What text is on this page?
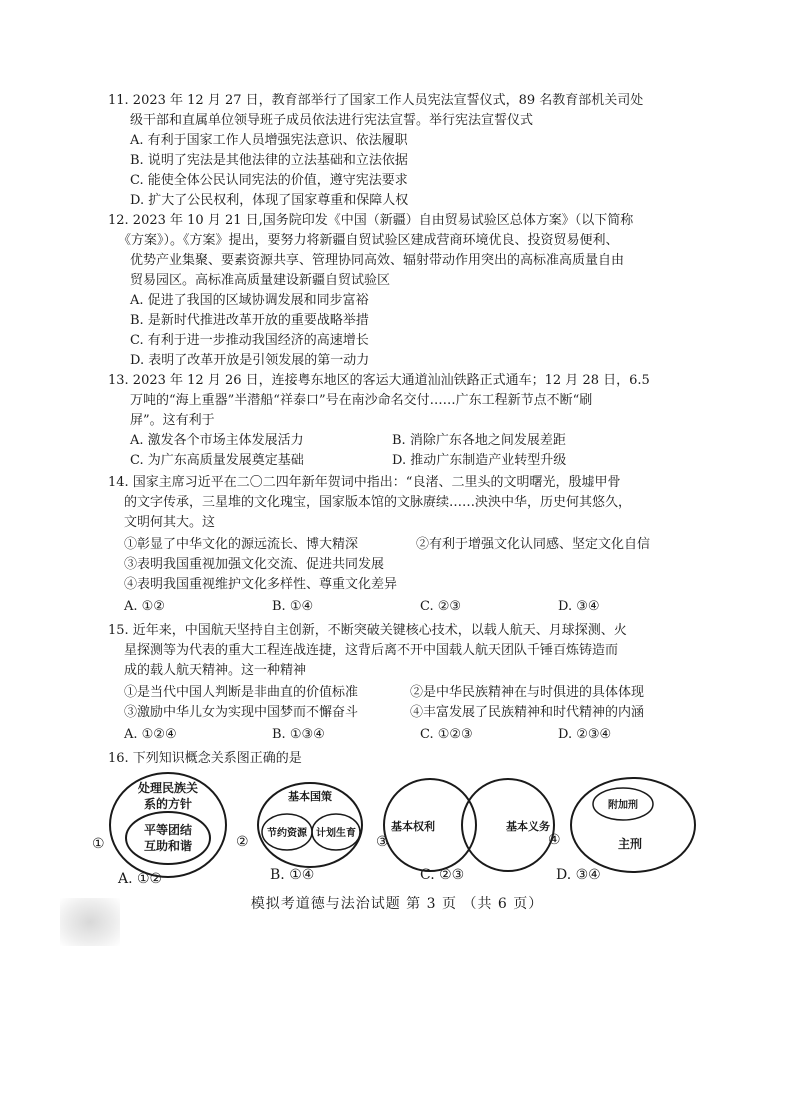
11. 2023 年 12 月 27 日，教育部举行了国家工作人员宪法宣誓仪式，89 名教育部机关司处
级干部和直属单位领导班子成员依法进行宪法宣誓。举行宪法宣誓仪式
A. 有利于国家工作人员增强宪法意识、依法履职
B. 说明了宪法是其他法律的立法基础和立法依据
C. 能使全体公民认同宪法的价值，遵守宪法要求
D. 扩大了公民权利，体现了国家尊重和保障人权
12. 2023 年 10 月 21 日,国务院印发《中国（新疆）自由贸易试验区总体方案》（以下简称
《方案》）。《方案》提出，要努力将新疆自贸试验区建成营商环境优良、投资贸易便利、
优势产业集聚、要素资源共享、管理协同高效、辐射带动作用突出的高标准高质量自由
贸易园区。高标准高质量建设新疆自贸试验区
A. 促进了我国的区域协调发展和同步富裕
B. 是新时代推进改革开放的重要战略举措
C. 有利于进一步推动我国经济的高速增长
D. 表明了改革开放是引领发展的第一动力
13. 2023 年 12 月 26 日，连接粤东地区的客运大通道汕汕铁路正式通车；12 月 28 日，6.5
万吨的“海上重器”半潜船“祥泰口”号在南沙命名交付……广东工程新节点不断“刷
屏”。这有利于
A. 激发各个市场主体发展活力	B. 消除广东各地之间发展差距
C. 为广东高质量发展奠定基础	D. 推动广东制造产业转型升级
14. 国家主席习近平在二〇二四年新年贺词中指出：“良渚、二里头的文明曙光，殷墟甲骨
的文字传承，三星堆的文化瑰宝，国家版本馆的文脉赓续……泱泱中华，历史何其悠久，
文明何其大。这
①彰显了中华文化的源远流长、博大精深	②有利于增强文化认同感、坚定文化自信
③表明我国重视加强文化交流、促进共同发展
④表明我国重视维护文化多样性、尊重文化差异
A. ①②	B. ①④	C. ②③	D. ③④
15. 近年来，中国航天坚持自主创新，不断突破关键核心技术，以载人航天、月球探测、火
星探测等为代表的重大工程连战连捷，这背后离不开中国载人航天团队千锤百炼铸造而
成的载人航天精神。这一种精神
①是当代中国人判断是非曲直的价值标准	②是中华民族精神在与时俱进的具体体现
③激励中华儿女为实现中国梦而不懈奋斗	④丰富发展了民族精神和时代精神的内涵
A. ①②④	B. ①③④	C. ①②③	D. ②③④
16. 下列知识概念关系图正确的是
处理民族关
系的方针
平等团结
互助和谐
基本国策
节约资源 计划生育
基本权利	基本义务
附加刑
主刑
①	②	③	④
A. ①②	B. ①④	C. ②③	D. ③④
模拟考道德与法治试题 第 3 页 （共 6 页）
